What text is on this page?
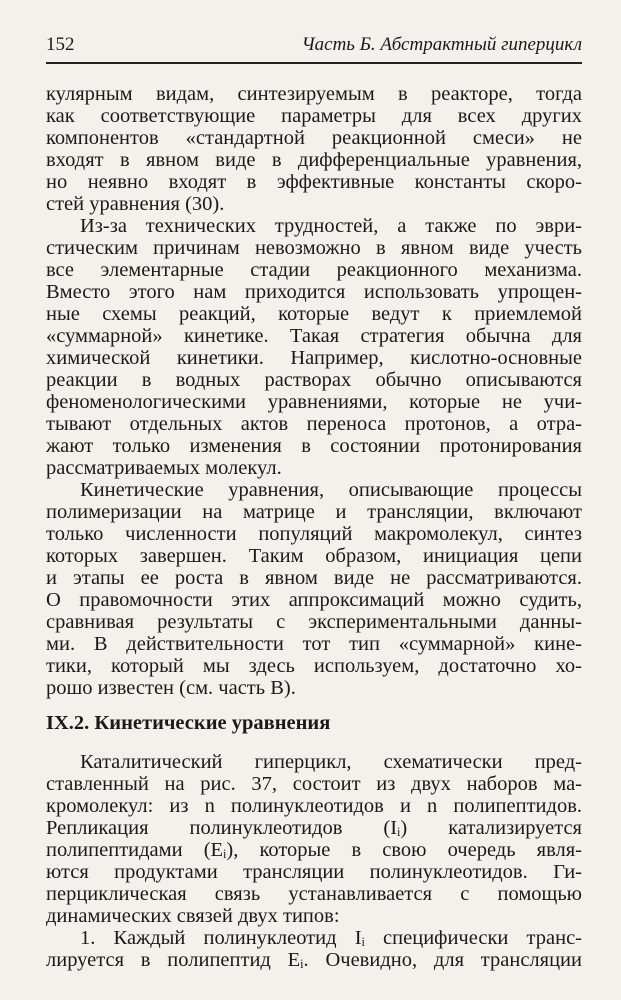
152	Часть Б. Абстрактный гиперцикл
кулярным видам, синтезируемым в реакторе, тогда
как соответствующие параметры для всех других
компонентов «стандартной реакционной смеси» не
входят в явном виде в дифференциальные уравнения,
но неявно входят в эффективные константы скоро-
стей уравнения (30).
Из-за технических трудностей, а также по эври-
стическим причинам невозможно в явном виде учесть
все элементарные стадии реакционного механизма.
Вместо этого нам приходится использовать упрощен-
ные схемы реакций, которые ведут к приемлемой
«суммарной» кинетике. Такая стратегия обычна для
химической кинетики. Например, кислотно-основные
реакции в водных растворах обычно описываются
феноменологическими уравнениями, которые не учи-
тывают отдельных актов переноса протонов, а отра-
жают только изменения в состоянии протонирования
рассматриваемых молекул.
Кинетические уравнения, описывающие процессы
полимеризации на матрице и трансляции, включают
только численности популяций макромолекул, синтез
которых завершен. Таким образом, инициация цепи
и этапы ее роста в явном виде не рассматриваются.
О правомочности этих аппроксимаций можно судить,
сравнивая результаты с экспериментальными данны-
ми. В действительности тот тип «суммарной» кине-
тики, который мы здесь используем, достаточно хо-
рошо известен (см. часть В).
IX.2. Кинетические уравнения
Каталитический гиперцикл, схематически пред-
ставленный на рис. 37, состоит из двух наборов ма-
кромолекул: из n полинуклеотидов и n полипептидов.
Репликация полинуклеотидов (Iᵢ) катализируется
полипептидами (Eᵢ), которые в свою очередь явля-
ются продуктами трансляции полинуклеотидов. Ги-
перциклическая связь устанавливается с помощью
динамических связей двух типов:
1. Каждый полинуклеотид Iᵢ специфически транс-
лируется в полипептид Eᵢ. Очевидно, для трансляции
